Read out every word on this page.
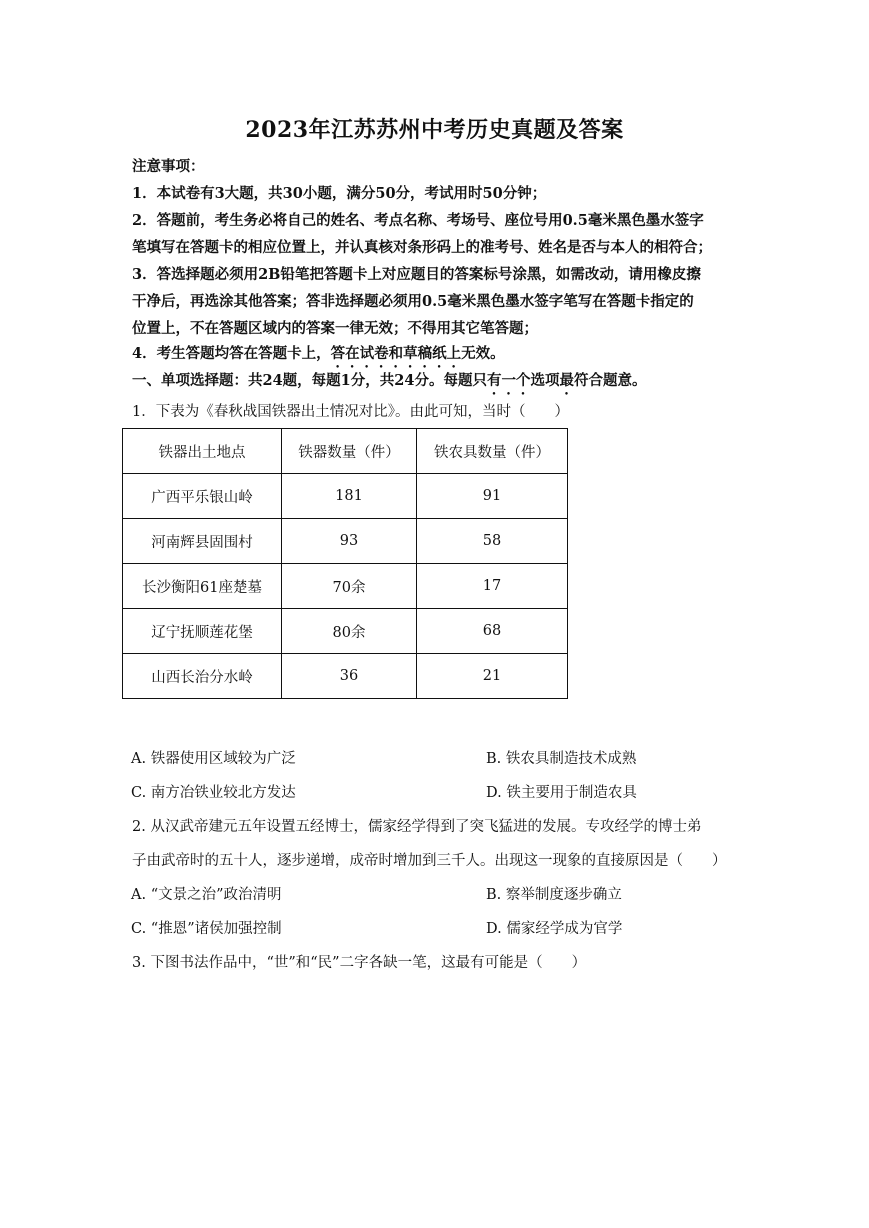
2023年江苏苏州中考历史真题及答案
注意事项：
1．本试卷有3大题，共30小题，满分50分，考试用时50分钟；
2．答题前，考生务必将自己的姓名、考点名称、考场号、座位号用0.5毫米黑色墨水签字
笔填写在答题卡的相应位置上，并认真核对条形码上的准考号、姓名是否与本人的相符合；
3．答选择题必须用2B铅笔把答题卡上对应题目的答案标号涂黑，如需改动，请用橡皮擦
干净后，再选涂其他答案；答非选择题必须用0.5毫米黑色墨水签字笔写在答题卡指定的
位置上，不在答题区域内的答案一律无效；不得用其它笔答题；
4．考生答题均答在答题卡上，答在试卷和草稿纸上无效。
一、单项选择题：共24题，每题1分，共24分。每题只有一个选项最符合题意。
1．下表为《春秋战国铁器出土情况对比》。由此可知，当时（　　）
铁器出土地点	铁器数量（件）	铁农具数量（件）
广西平乐银山岭	181	91
河南辉县固围村	93	58
长沙衡阳61座楚墓	70余	17
辽宁抚顺莲花堡	80余	68
山西长治分水岭	36	21
A. 铁器使用区域较为广泛	B. 铁农具制造技术成熟
C. 南方冶铁业较北方发达	D. 铁主要用于制造农具
2. 从汉武帝建元五年设置五经博士，儒家经学得到了突飞猛进的发展。专攻经学的博士弟
子由武帝时的五十人，逐步递增，成帝时增加到三千人。出现这一现象的直接原因是（　　）
A. “文景之治”政治清明	B. 察举制度逐步确立
C. “推恩”诸侯加强控制	D. 儒家经学成为官学
3. 下图书法作品中，“世”和“民”二字各缺一笔，这最有可能是（　　）
